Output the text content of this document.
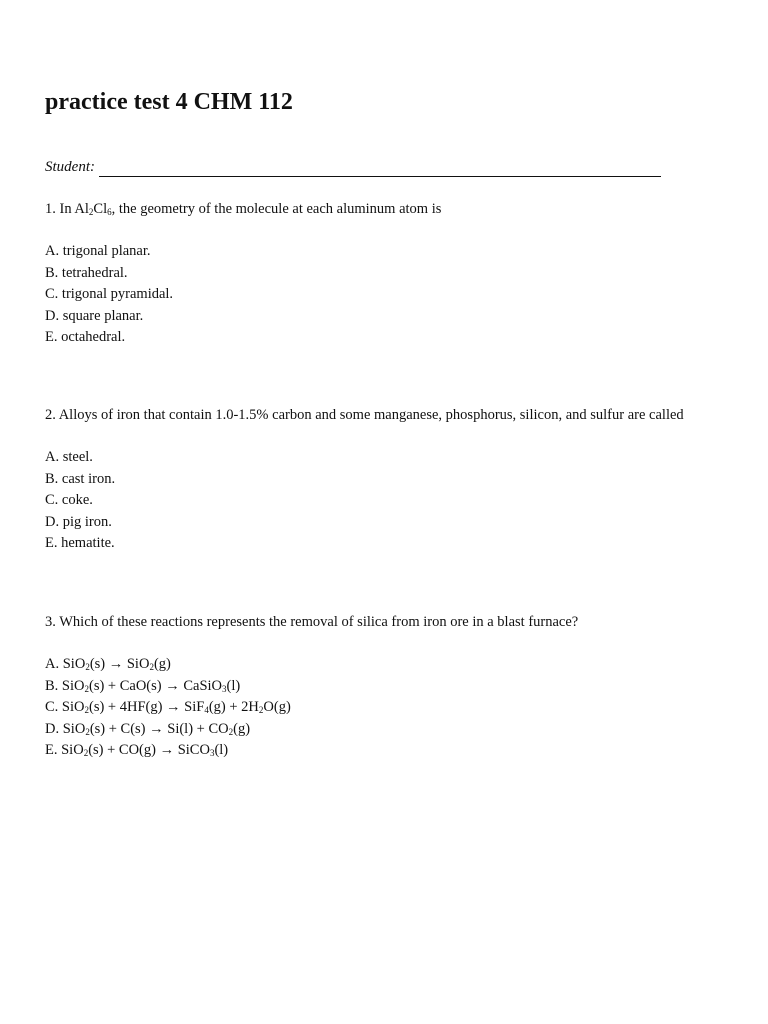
practice test 4 CHM 112
Student:

1. In $Al_2Cl_6$, the geometry of the molecule at each aluminum atom is

A. trigonal planar.
B. tetrahedral.
C. trigonal pyramidal.
D. square planar.
E. octahedral.

2. Alloys of iron that contain 1.0-1.5% carbon and some manganese, phosphorus, silicon, and sulfur are called

A. steel.
B. cast iron.
C. coke.
D. pig iron.
E. hematite.

3. Which of these reactions represents the removal of silica from iron ore in a blast furnace?

A. SiO$_2$(s) → SiO$_2$(g)
B. SiO$_2$(s) + CaO(s) → CaSiO$_3$(l)
C. $SiO_2(s) + 4HF(g) \to SiF_4(g) + 2H_2O(g)$
D. $SiO_2(s) + C(s) \to Si(l) + CO_2(g)$
E. SiO$_2$(s) + CO(g) → SiCO$_3$(l)
